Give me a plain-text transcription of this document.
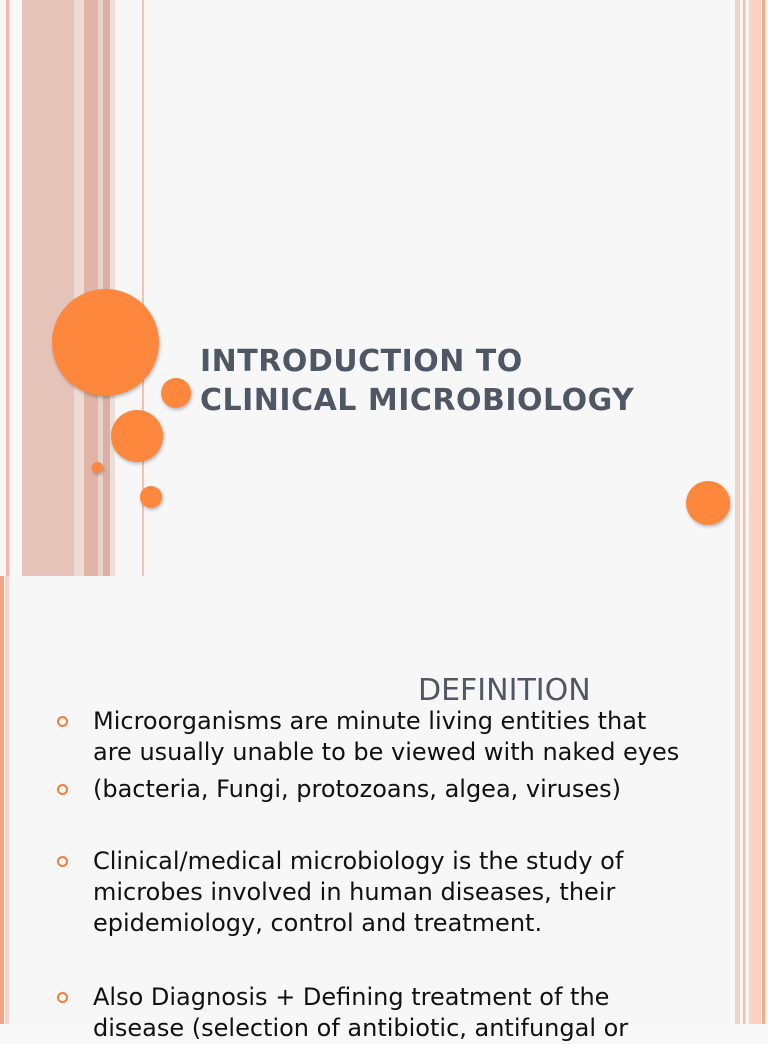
INTRODUCTION TO
CLINICAL MICROBIOLOGY
DEFINITION
Microorganisms are minute living entities that
are usually unable to be viewed with naked eyes
(bacteria, Fungi, protozoans, algea, viruses)
Clinical/medical microbiology is the study of
microbes involved in human diseases, their
epidemiology, control and treatment.
Also Diagnosis + Defining treatment of the
disease (selection of antibiotic, antifungal or
